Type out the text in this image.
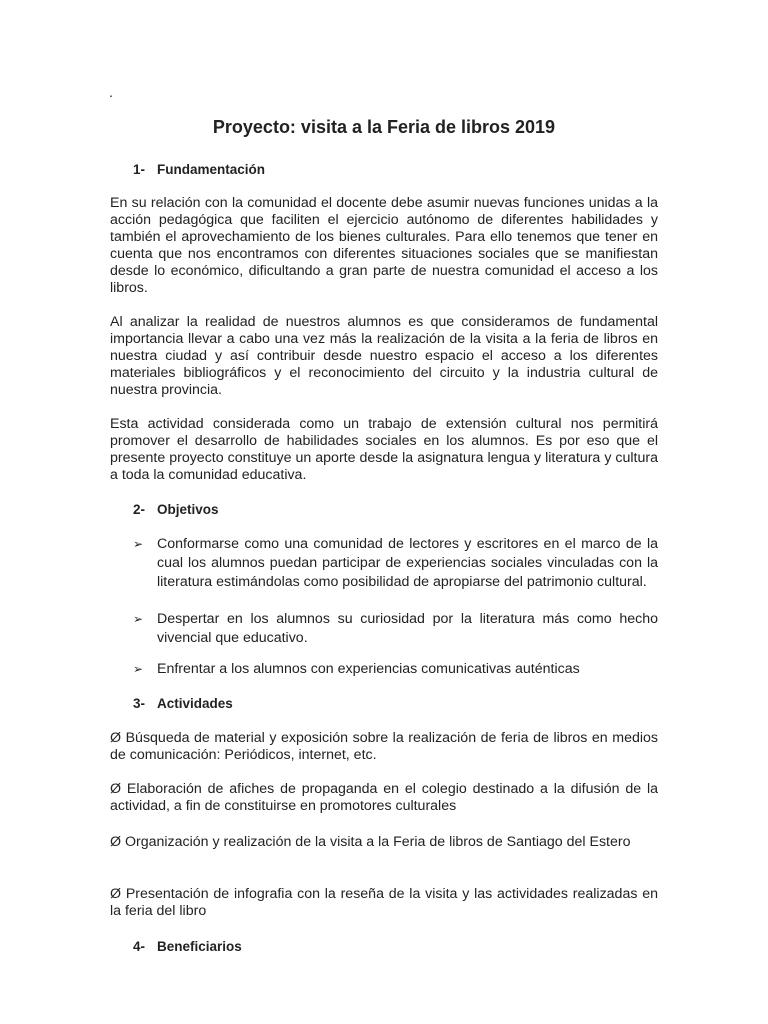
.
Proyecto: visita a la Feria de libros 2019
1- Fundamentación
En su relación con la comunidad el docente debe asumir nuevas funciones unidas a la acción pedagógica que faciliten el ejercicio autónomo de diferentes habilidades y también el aprovechamiento de los bienes culturales. Para ello tenemos que tener en cuenta que nos encontramos con diferentes situaciones sociales que se manifiestan desde lo económico, dificultando a gran parte de nuestra comunidad el acceso a los libros.
Al analizar la realidad de nuestros alumnos es que consideramos de fundamental importancia llevar a cabo una vez más la realización de la visita a la feria de libros en nuestra ciudad y así contribuir desde nuestro espacio el acceso a los diferentes materiales bibliográficos y el reconocimiento del circuito y la industria cultural de nuestra provincia.
Esta actividad considerada como un trabajo de extensión cultural nos permitirá promover el desarrollo de habilidades sociales en los alumnos. Es por eso que el presente proyecto constituye un aporte desde la asignatura lengua y literatura y cultura a toda la comunidad educativa.
2- Objetivos
➢ Conformarse como una comunidad de lectores y escritores en el marco de la cual los alumnos puedan participar de experiencias sociales vinculadas con la literatura estimándolas como posibilidad de apropiarse del patrimonio cultural.
➢ Despertar en los alumnos su curiosidad por la literatura más como hecho vivencial que educativo.
➢ Enfrentar a los alumnos con experiencias comunicativas auténticas
3- Actividades
Ø Búsqueda de material y exposición sobre la realización de feria de libros en medios de comunicación: Periódicos, internet, etc.
Ø Elaboración de afiches de propaganda en el colegio destinado a la difusión de la actividad, a fin de constituirse en promotores culturales
Ø Organización y realización de la visita a la Feria de libros de Santiago del Estero
Ø Presentación de infografia con la reseña de la visita y las actividades realizadas en la feria del libro
4- Beneficiarios
